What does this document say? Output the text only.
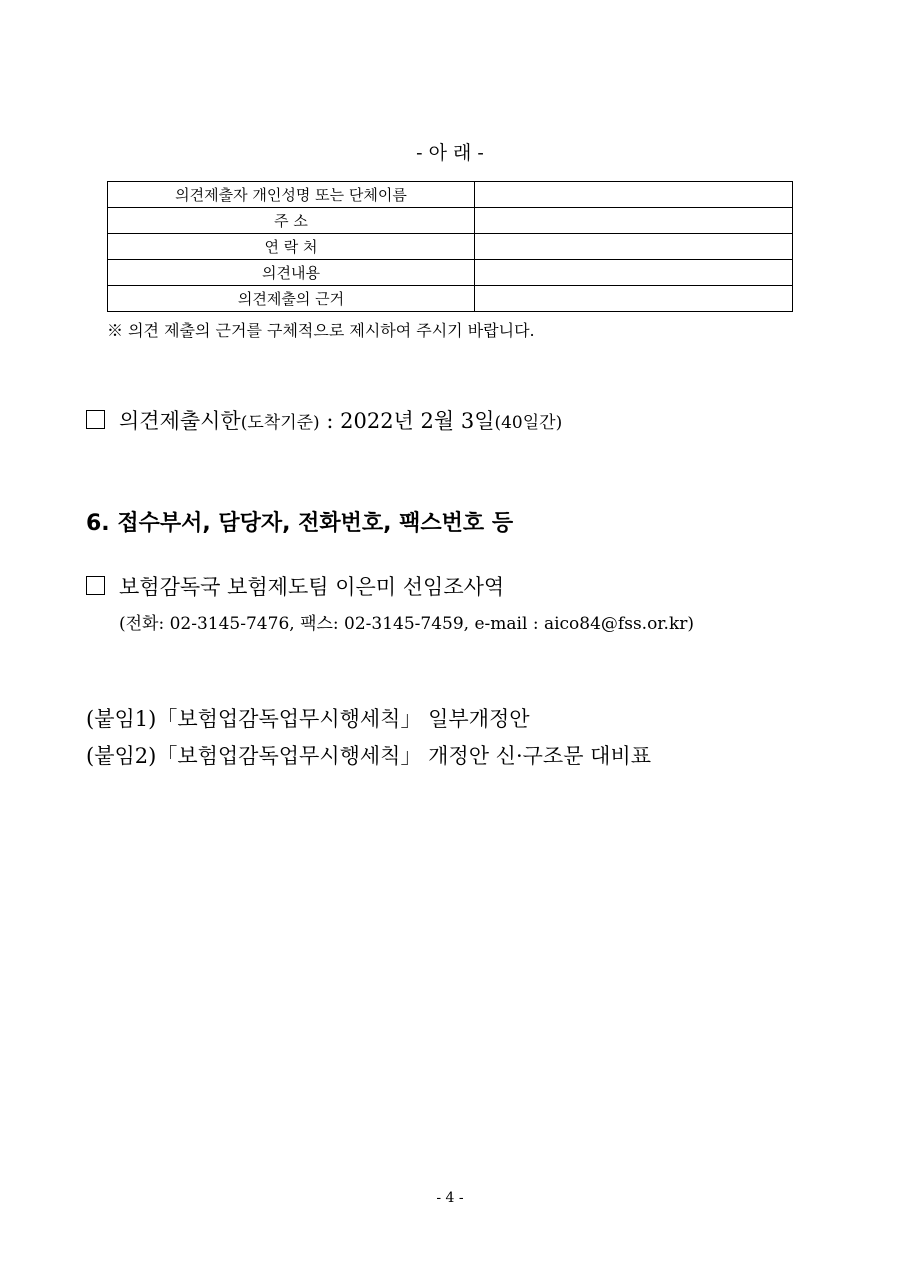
- 아 래 -
의견제출자 개인성명 또는 단체이름	
주 소	
연 락 처	
의견내용	
의견제출의 근거	
※ 의견 제출의 근거를 구체적으로 제시하여 주시기 바랍니다.
의견제출시한(도착기준) : 2022년 2월 3일(40일간)
6. 접수부서, 담당자, 전화번호, 팩스번호 등
보험감독국 보험제도팀 이은미 선임조사역
(전화: 02-3145-7476, 팩스: 02-3145-7459, e-mail : aico84@fss.or.kr)
(붙임1)「보험업감독업무시행세칙」 일부개정안
(붙임2)「보험업감독업무시행세칙」 개정안 신·구조문 대비표
- 4 -
